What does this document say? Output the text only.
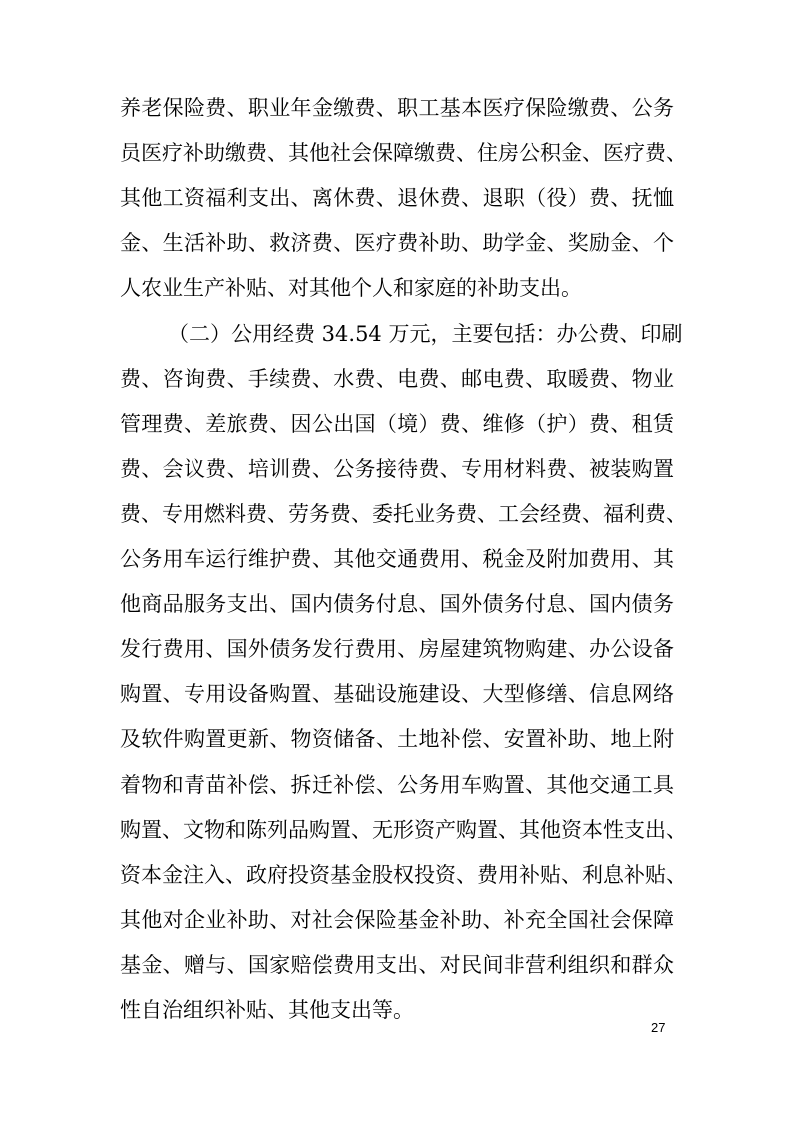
养老保险费、职业年金缴费、职工基本医疗保险缴费、公务
员医疗补助缴费、其他社会保障缴费、住房公积金、医疗费、
其他工资福利支出、离休费、退休费、退职（役）费、抚恤
金、生活补助、救济费、医疗费补助、助学金、奖励金、个
人农业生产补贴、对其他个人和家庭的补助支出。
（二）公用经费 34.54 万元，主要包括：办公费、印刷
费、咨询费、手续费、水费、电费、邮电费、取暖费、物业
管理费、差旅费、因公出国（境）费、维修（护）费、租赁
费、会议费、培训费、公务接待费、专用材料费、被装购置
费、专用燃料费、劳务费、委托业务费、工会经费、福利费、
公务用车运行维护费、其他交通费用、税金及附加费用、其
他商品服务支出、国内债务付息、国外债务付息、国内债务
发行费用、国外债务发行费用、房屋建筑物购建、办公设备
购置、专用设备购置、基础设施建设、大型修缮、信息网络
及软件购置更新、物资储备、土地补偿、安置补助、地上附
着物和青苗补偿、拆迁补偿、公务用车购置、其他交通工具
购置、文物和陈列品购置、无形资产购置、其他资本性支出、
资本金注入、政府投资基金股权投资、费用补贴、利息补贴、
其他对企业补助、对社会保险基金补助、补充全国社会保障
基金、赠与、国家赔偿费用支出、对民间非营利组织和群众
性自治组织补贴、其他支出等。
27
